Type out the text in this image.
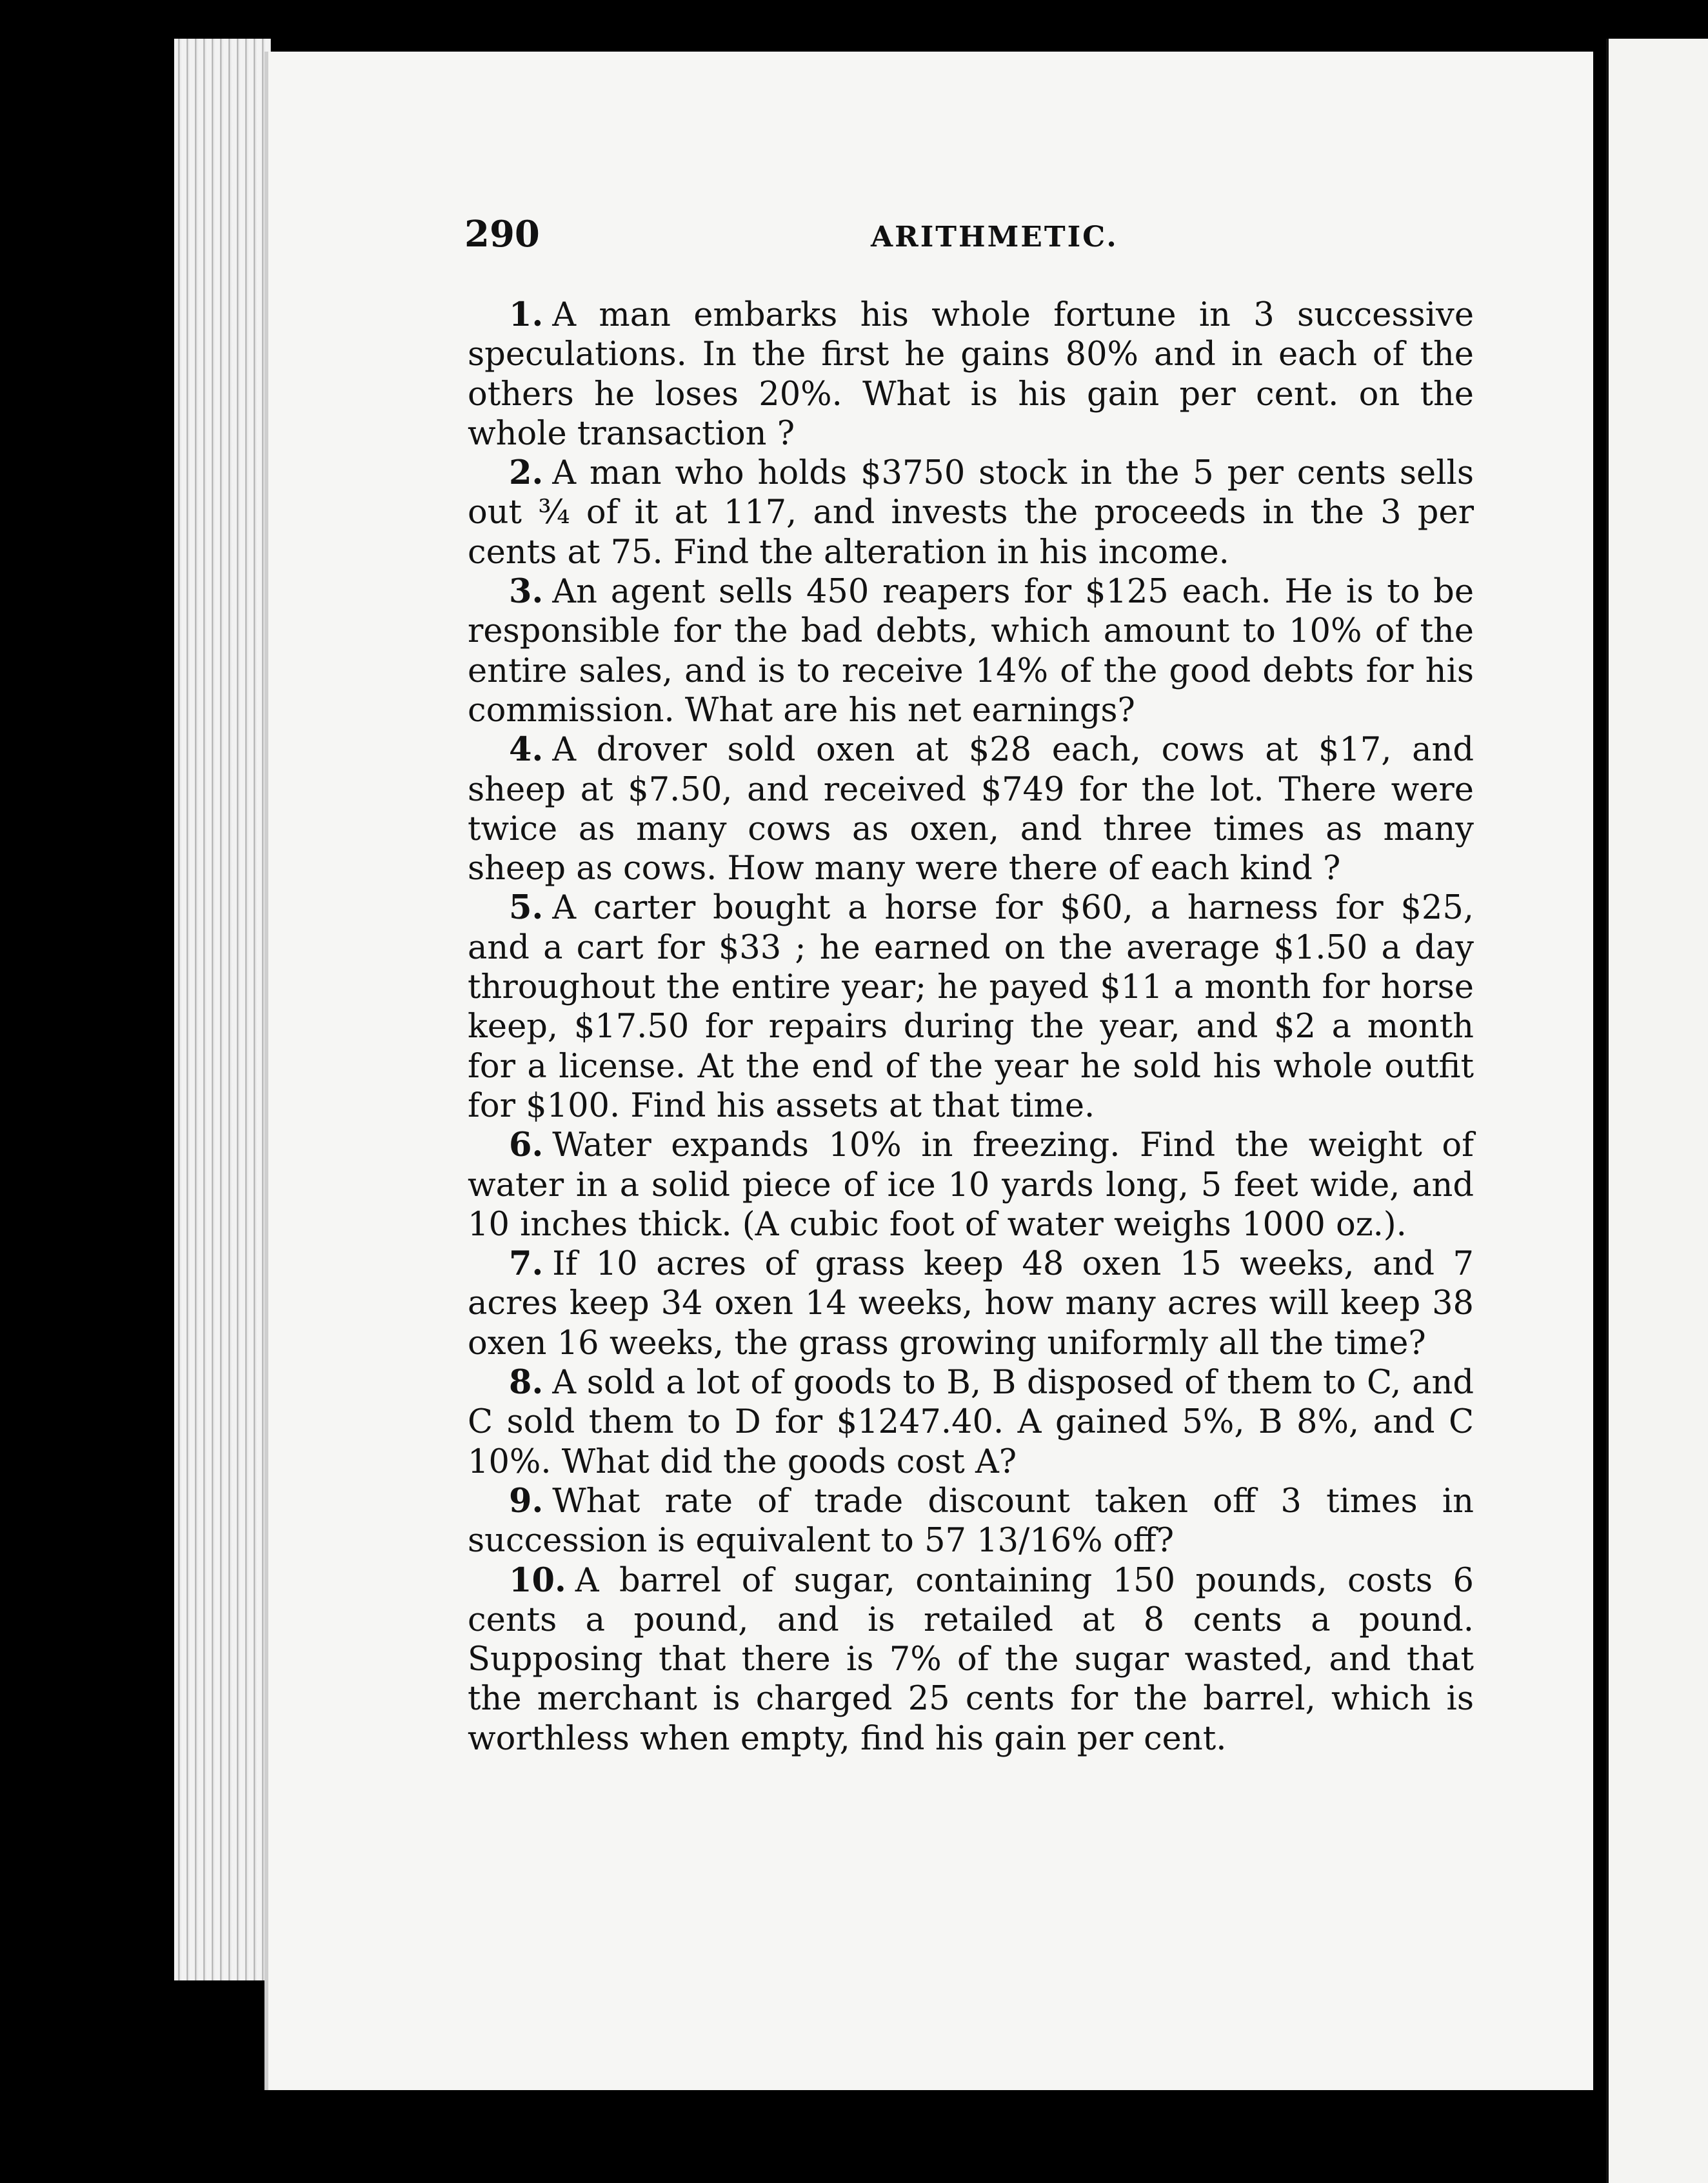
290	ARITHMETIC.

1. A man embarks his whole fortune in 3 successive speculations. In the first he gains 80% and in each of the others he loses 20%. What is his gain per cent. on the whole transaction ?

2. A man who holds $3750 stock in the 5 per cents sells out ¾ of it at 117, and invests the proceeds in the 3 per cents at 75. Find the alteration in his income.

3. An agent sells 450 reapers for $125 each. He is to be responsible for the bad debts, which amount to 10% of the entire sales, and is to receive 14% of the good debts for his commission. What are his net earnings?

4. A drover sold oxen at $28 each, cows at $17, and sheep at $7.50, and received $749 for the lot. There were twice as many cows as oxen, and three times as many sheep as cows. How many were there of each kind ?

5. A carter bought a horse for $60, a harness for $25, and a cart for $33 ; he earned on the average $1.50 a day throughout the entire year; he payed $11 a month for horse keep, $17.50 for repairs during the year, and $2 a month for a license. At the end of the year he sold his whole outfit for $100. Find his assets at that time.

6. Water expands 10% in freezing. Find the weight of water in a solid piece of ice 10 yards long, 5 feet wide, and 10 inches thick. (A cubic foot of water weighs 1000 oz.).

7. If 10 acres of grass keep 48 oxen 15 weeks, and 7 acres keep 34 oxen 14 weeks, how many acres will keep 38 oxen 16 weeks, the grass growing uniformly all the time?

8. A sold a lot of goods to B, B disposed of them to C, and C sold them to D for $1247.40. A gained 5%, B 8%, and C 10%. What did the goods cost A?

9. What rate of trade discount taken off 3 times in succession is equivalent to 57 13/16% off?

10. A barrel of sugar, containing 150 pounds, costs 6 cents a pound, and is retailed at 8 cents a pound. Supposing that there is 7% of the sugar wasted, and that the merchant is charged 25 cents for the barrel, which is worthless when empty, find his gain per cent.
